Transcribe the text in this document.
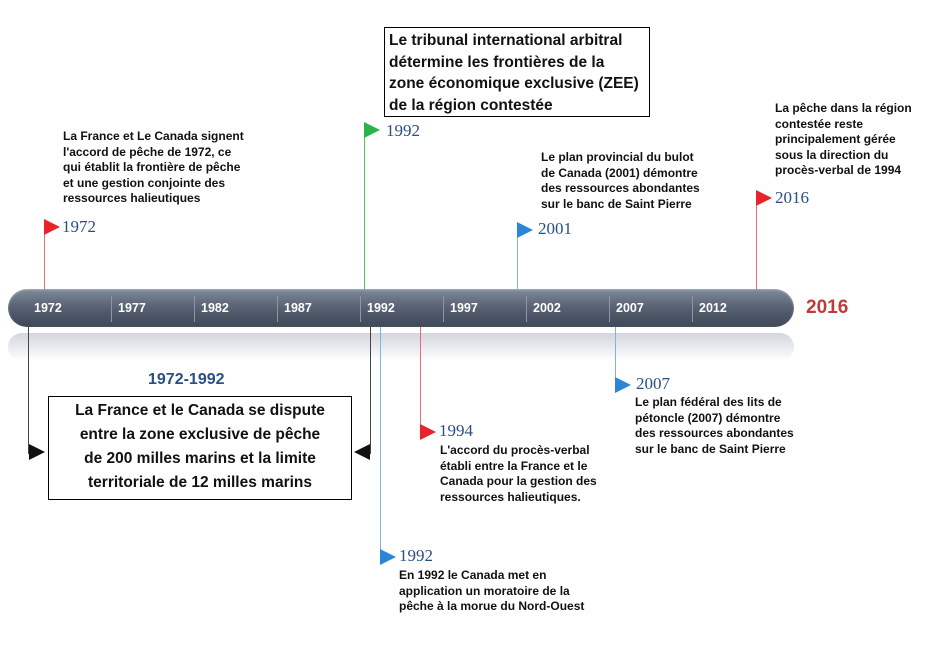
1972	1977	1982	1987	1992	1997	2002	2007	2012	2016
1972
La France et Le Canada signent
l'accord de pêche de 1972, ce
qui établit la frontière de pêche
et une gestion conjointe des
ressources halieutiques
1992
Le tribunal international arbitral
détermine les frontières de la
zone économique exclusive (ZEE)
de la région contestée
2001
Le plan provincial du bulot
de Canada (2001) démontre
des ressources abondantes
sur le banc de Saint Pierre	2016
La pêche dans la région
contestée reste
principalement gérée
sous la direction du
procès-verbal de 1994
2007
Le plan fédéral des lits de
pétoncle (2007) démontre
des ressources abondantes
sur le banc de Saint Pierre
1994
L'accord du procès-verbal
établi entre la France et le
Canada pour la gestion des
ressources halieutiques.
1992
En 1992 le Canada met en
application un moratoire de la
pêche à la morue du Nord-Ouest
1972-1992
La France et le Canada se dispute
entre la zone exclusive de pêche
de 200 milles marins et la limite
territoriale de 12 milles marins
